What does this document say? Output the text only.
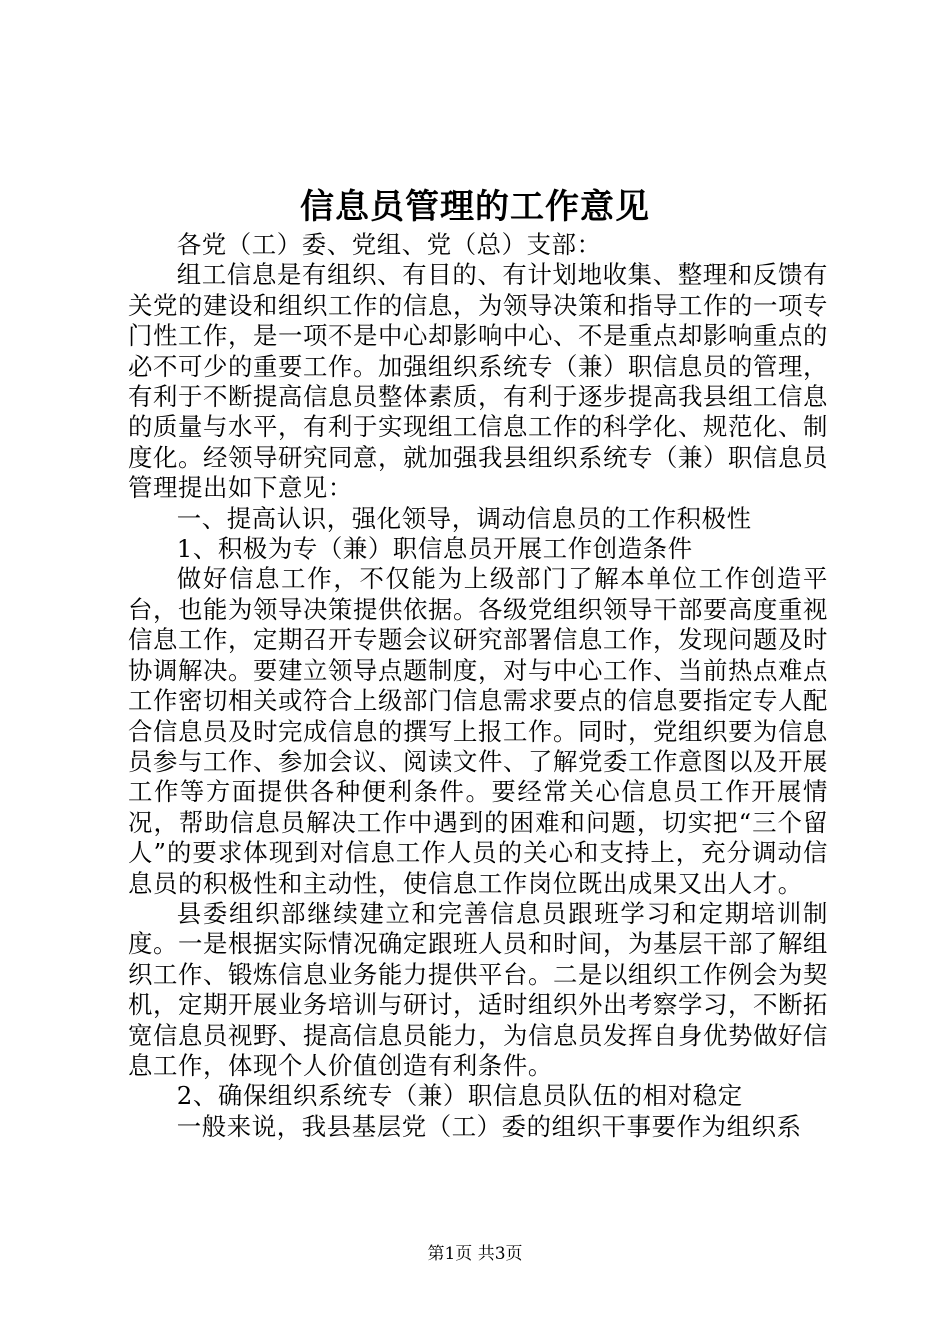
信息员管理的工作意见

各党（工）委、党组、党（总）支部：

组工信息是有组织、有目的、有计划地收集、整理和反馈有关党的建设和组织工作的信息，为领导决策和指导工作的一项专门性工作，是一项不是中心却影响中心、不是重点却影响重点的必不可少的重要工作。加强组织系统专（兼）职信息员的管理，有利于不断提高信息员整体素质，有利于逐步提高我县组工信息的质量与水平，有利于实现组工信息工作的科学化、规范化、制度化。经领导研究同意，就加强我县组织系统专（兼）职信息员管理提出如下意见：

一、提高认识，强化领导，调动信息员的工作积极性

1、积极为专（兼）职信息员开展工作创造条件

做好信息工作，不仅能为上级部门了解本单位工作创造平台，也能为领导决策提供依据。各级党组织领导干部要高度重视信息工作，定期召开专题会议研究部署信息工作，发现问题及时协调解决。要建立领导点题制度，对与中心工作、当前热点难点工作密切相关或符合上级部门信息需求要点的信息要指定专人配合信息员及时完成信息的撰写上报工作。同时，党组织要为信息员参与工作、参加会议、阅读文件、了解党委工作意图以及开展工作等方面提供各种便利条件。要经常关心信息员工作开展情况，帮助信息员解决工作中遇到的困难和问题，切实把“三个留人”的要求体现到对信息工作人员的关心和支持上，充分调动信息员的积极性和主动性，使信息工作岗位既出成果又出人才。

县委组织部继续建立和完善信息员跟班学习和定期培训制度。一是根据实际情况确定跟班人员和时间，为基层干部了解组织工作、锻炼信息业务能力提供平台。二是以组织工作例会为契机，定期开展业务培训与研讨，适时组织外出考察学习，不断拓宽信息员视野、提高信息员能力，为信息员发挥自身优势做好信息工作，体现个人价值创造有利条件。

2、确保组织系统专（兼）职信息员队伍的相对稳定

一般来说，我县基层党（工）委的组织干事要作为组织系

第1页 共3页
